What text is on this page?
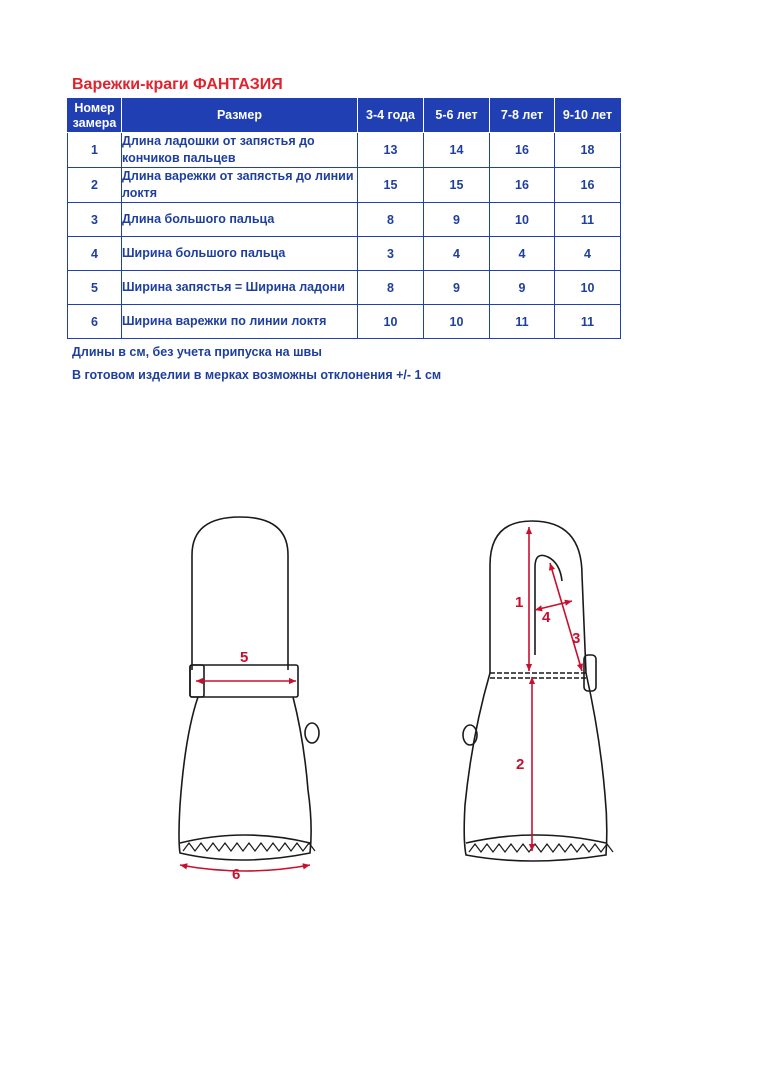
Варежки-краги ФАНТАЗИЯ
Номер замера	Размер	3-4 года	5-6 лет	7-8 лет	9-10 лет
1	Длина ладошки от запястья до кончиков пальцев	13	14	16	18
2	Длина варежки от запястья до линии локтя	15	15	16	16
3	Длина большого пальца	8	9	10	11
4	Ширина большого пальца	3	4	4	4
5	Ширина запястья = Ширина ладони	8	9	9	10
6	Ширина варежки по линии локтя	10	10	11	11
Длины в см, без учета припуска на швы
В готовом изделии в мерках возможны отклонения +/- 1 см
5
6
1
2
3
4
